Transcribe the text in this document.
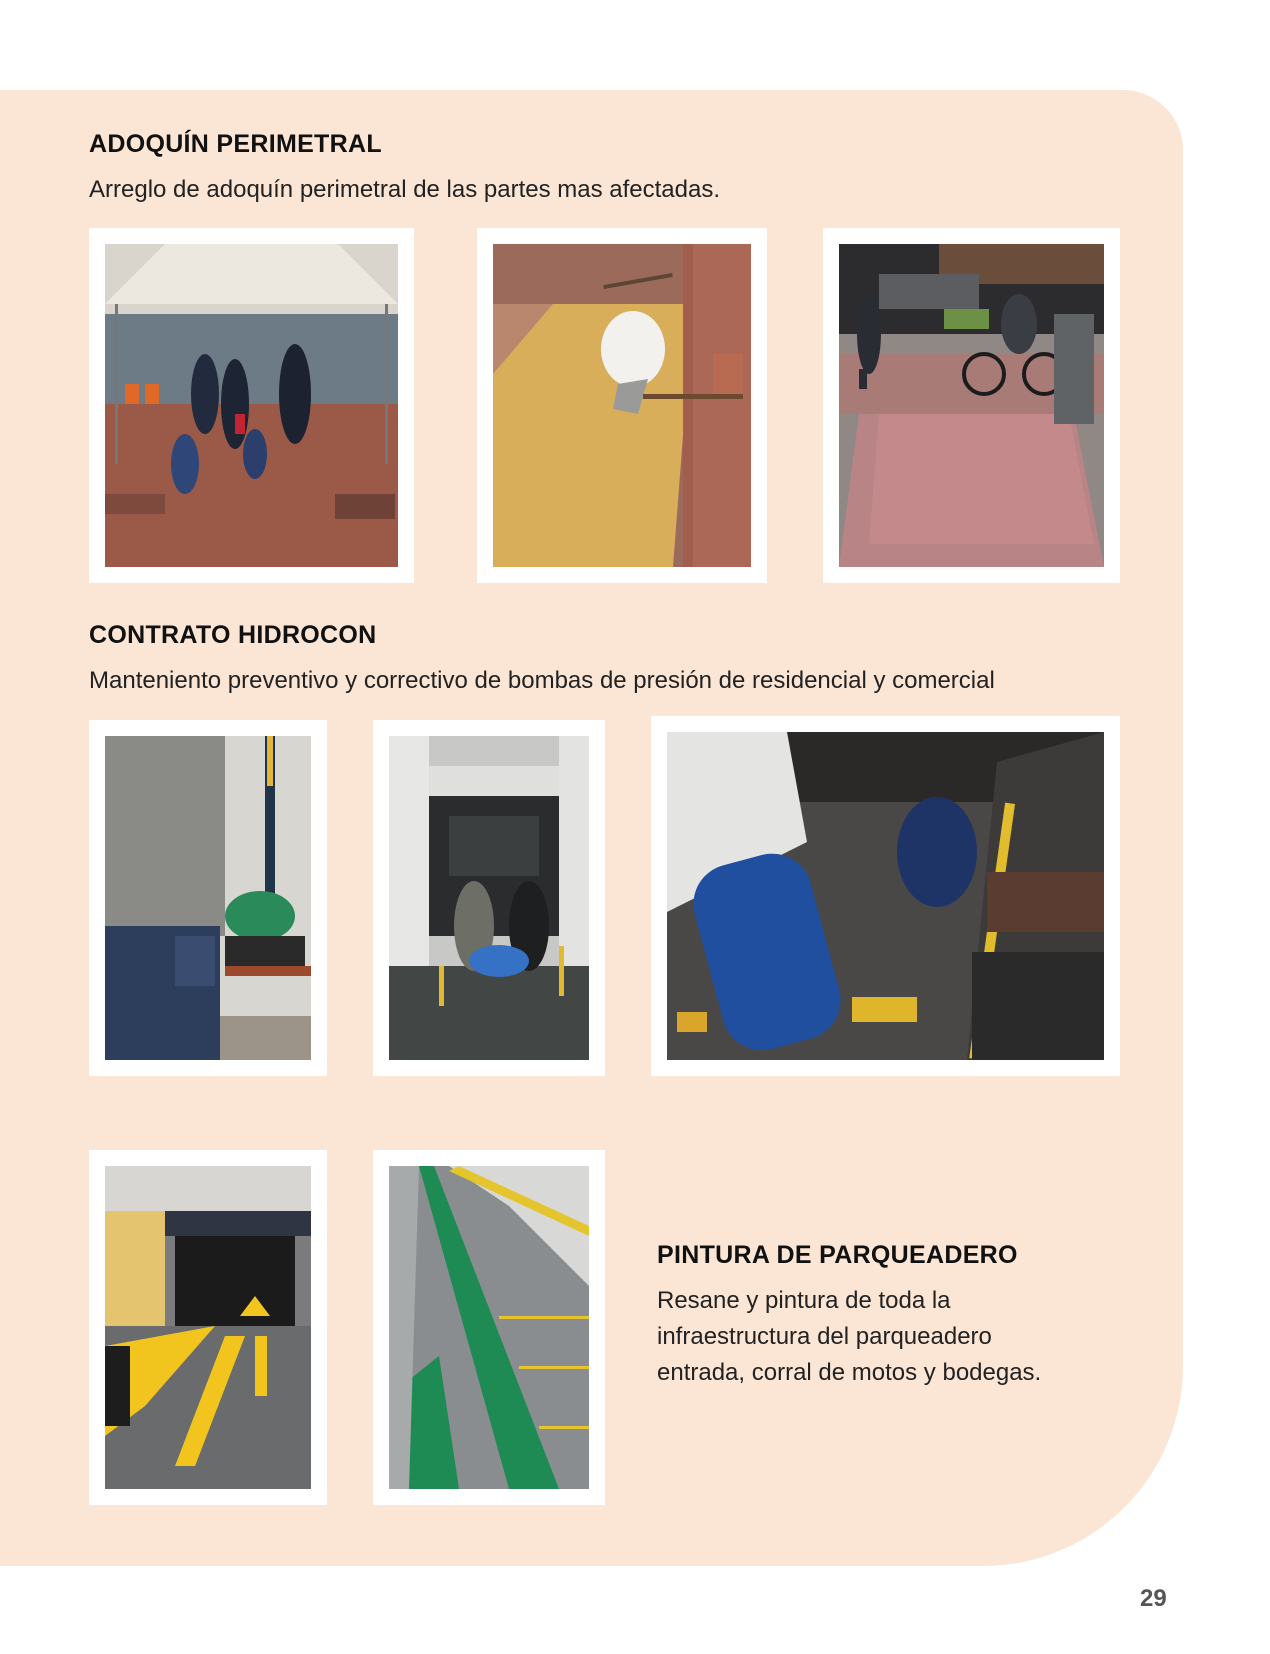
ADOQUÍN PERIMETRAL

Arreglo de adoquín perimetral de las partes mas afectadas.

CONTRATO HIDROCON

Manteniento preventivo y correctivo de bombas de presión de residencial y comercial

PINTURA DE PARQUEADERO
Resane y pintura de toda la
infraestructura del parqueadero
entrada, corral de motos y bodegas.
29
